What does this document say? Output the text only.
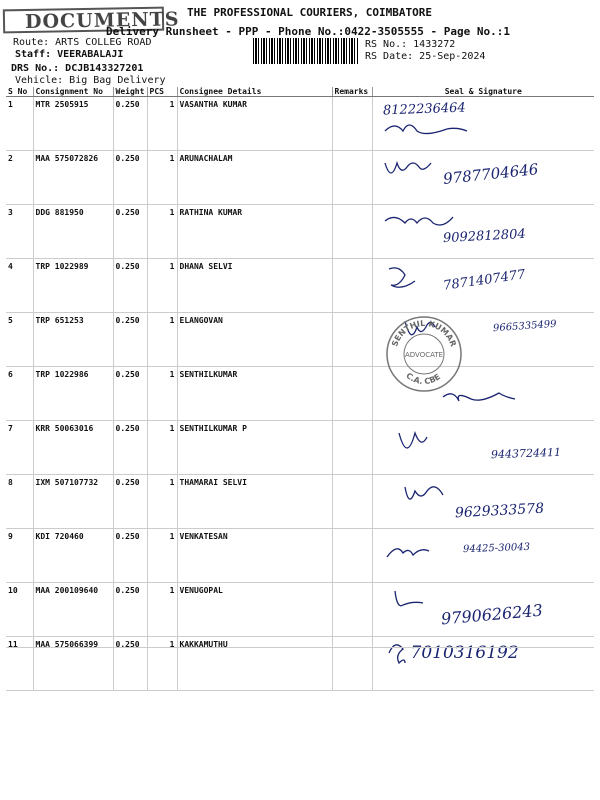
DOCUMENTS THE PROFESSIONAL COURIERS, COIMBATORE
Delivery Runsheet - PPP - Phone No.:0422-3505555 - Page No.:1
Route: ARTS COLLEG ROAD
Staff: VEERABALAJI
DRS No.: DCJB143327201
Vehicle: Big Bag Delivery
RS No.: 1433272
RS Date: 25-Sep-2024
S No	Consignment No	Weight	PCS	Consignee Details	Remarks	Seal & Signature
1	MTR 2505915	0.250	1	VASANTHA KUMAR		8122236464

2	MAA 575072826	0.250	1	ARUNACHALAM		9787704646

3	DDG 881950	0.250	1	RATHINA KUMAR		9092812804

4	TRP 1022989	0.250	1	DHANA SELVI		7871407477

5	TRP 651253	0.250	1	ELANGOVAN		9665335499

6	TRP 1022986	0.250	1	SENTHILKUMAR		

7	KRR 50063016	0.250	1	SENTHILKUMAR P		9443724411

8	IXM 507107732	0.250	1	THAMARAI SELVI		9629333578

9	KDI 720460	0.250	1	VENKATESAN		94425-30043

10	MAA 200109640	0.250	1	VENUGOPAL		9790626243

11	MAA 575066399	0.250	1	KAKKAMUTHU		7010316192
SENTHIL KUMAR
C.A. CBE
ADVOCATE
